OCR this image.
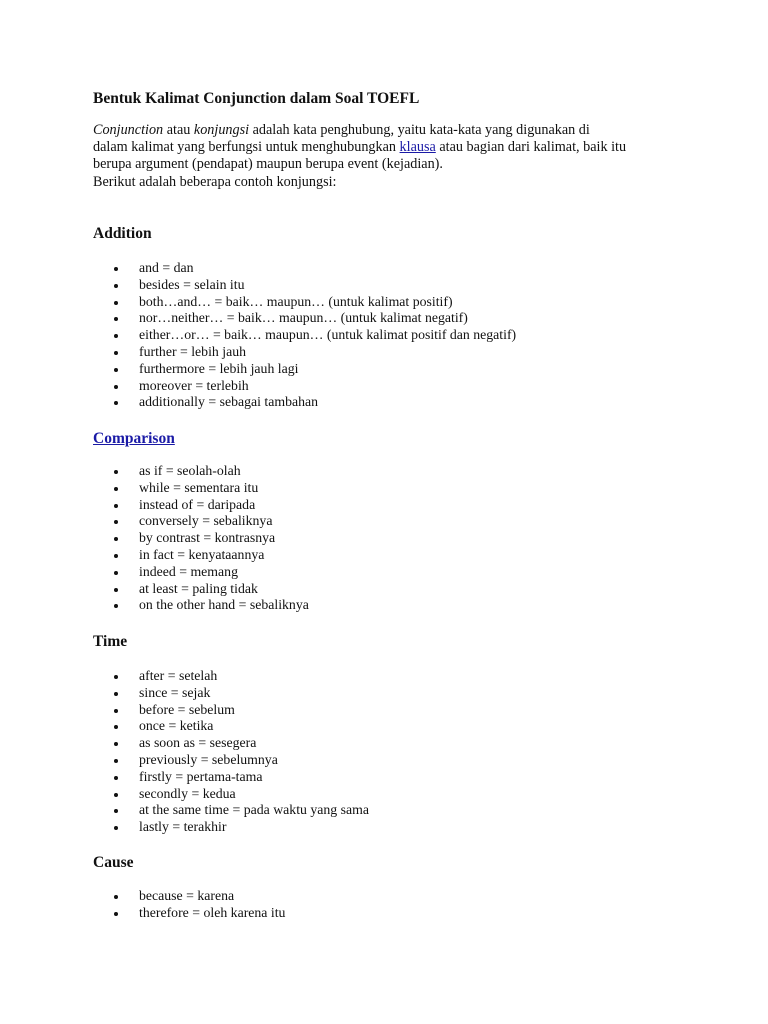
Bentuk Kalimat Conjunction dalam Soal TOEFL

Conjunction atau konjungsi adalah kata penghubung, yaitu kata-kata yang digunakan di
dalam kalimat yang berfungsi untuk menghubungkan klausa atau bagian dari kalimat, baik itu
berupa argument (pendapat) maupun berupa event (kejadian).
Berikut adalah beberapa contoh konjungsi:

Addition
and = dan
besides = selain itu
both…and… = baik… maupun… (untuk kalimat positif)
nor…neither… = baik… maupun… (untuk kalimat negatif)
either…or… = baik… maupun… (untuk kalimat positif dan negatif)
further = lebih jauh
furthermore = lebih jauh lagi
moreover = terlebih
additionally = sebagai tambahan
Comparison
as if = seolah-olah
while = sementara itu
instead of = daripada
conversely = sebaliknya
by contrast = kontrasnya
in fact = kenyataannya
indeed = memang
at least = paling tidak
on the other hand = sebaliknya
Time
after = setelah
since = sejak
before = sebelum
once = ketika
as soon as = sesegera
previously = sebelumnya
firstly = pertama-tama
secondly = kedua
at the same time = pada waktu yang sama
lastly = terakhir
Cause
because = karena
therefore = oleh karena itu
